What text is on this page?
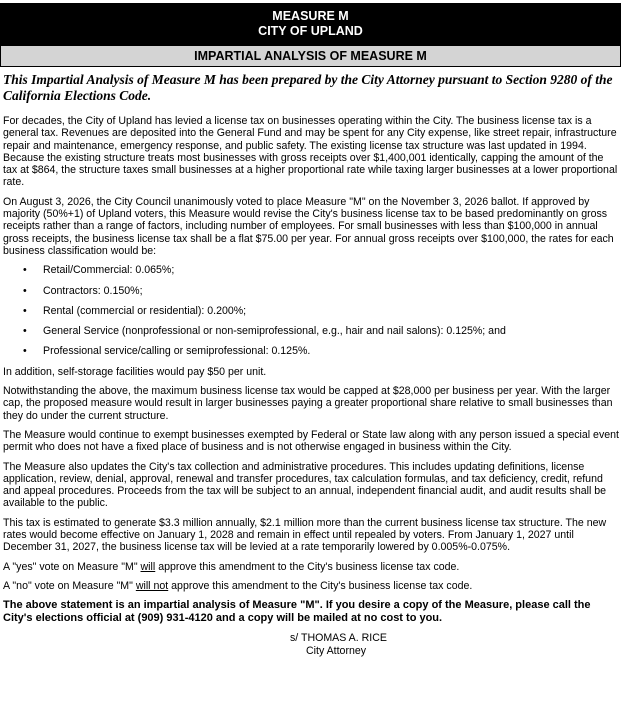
MEASURE M
CITY OF UPLAND
IMPARTIAL ANALYSIS OF MEASURE M

This Impartial Analysis of Measure M has been prepared by the City Attorney pursuant to Section 9280 of the California Elections Code.

For decades, the City of Upland has levied a license tax on businesses operating within the City. The business license tax is a general tax. Revenues are deposited into the General Fund and may be spent for any City expense, like street repair, infrastructure repair and maintenance, emergency response, and public safety. The existing license tax structure was last updated in 1994. Because the existing structure treats most businesses with gross receipts over $1,400,001 identically, capping the amount of the tax at $864, the structure taxes small businesses at a higher proportional rate while taxing larger businesses at a lower proportional rate.

On August 3, 2026, the City Council unanimously voted to place Measure "M" on the November 3, 2026 ballot. If approved by majority (50%+1) of Upland voters, this Measure would revise the City's business license tax to be based predominantly on gross receipts rather than a range of factors, including number of employees. For small businesses with less than $100,000 in annual gross receipts, the business license tax shall be a flat $75.00 per year. For annual gross receipts over $100,000, the rates for each business classification would be:

• Retail/Commercial: 0.065%;
• Contractors: 0.150%;
• Rental (commercial or residential): 0.200%;
• General Service (nonprofessional or non-semiprofessional, e.g., hair and nail salons): 0.125%; and
• Professional service/calling or semiprofessional: 0.125%.

In addition, self-storage facilities would pay $50 per unit.

Notwithstanding the above, the maximum business license tax would be capped at $28,000 per business per year. With the larger cap, the proposed measure would result in larger businesses paying a greater proportional share relative to small businesses than they do under the current structure.

The Measure would continue to exempt businesses exempted by Federal or State law along with any person issued a special event permit who does not have a fixed place of business and is not otherwise engaged in business within the City.

The Measure also updates the City's tax collection and administrative procedures. This includes updating definitions, license application, review, denial, approval, renewal and transfer procedures, tax calculation formulas, and tax deficiency, credit, refund and appeal procedures. Proceeds from the tax will be subject to an annual, independent financial audit, and audit results shall be available to the public.

This tax is estimated to generate $3.3 million annually, $2.1 million more than the current business license tax structure. The new rates would become effective on January 1, 2028 and remain in effect until repealed by voters. From January 1, 2027 until December 31, 2027, the business license tax will be levied at a rate temporarily lowered by 0.005%-0.075%.

A "yes" vote on Measure "M" will approve this amendment to the City's business license tax code.

A "no" vote on Measure "M" will not approve this amendment to the City's business license tax code.

The above statement is an impartial analysis of Measure "M". If you desire a copy of the Measure, please call the City's elections official at (909) 931-4120 and a copy will be mailed at no cost to you.

s/ THOMAS A. RICE
City Attorney
